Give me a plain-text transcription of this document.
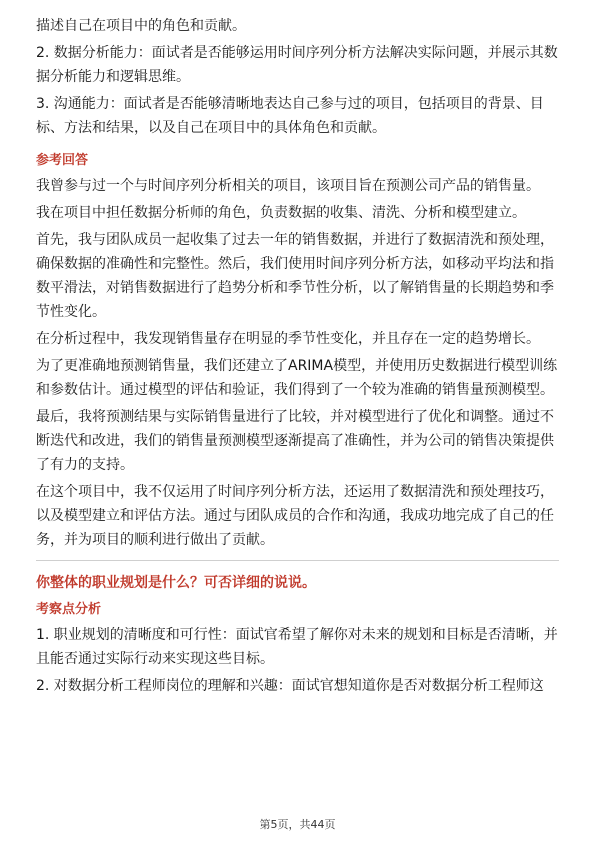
描述自己在项目中的角色和贡献。

2. 数据分析能力：面试者是否能够运用时间序列分析方法解决实际问题，并展示其数据分析能力和逻辑思维。

3. 沟通能力：面试者是否能够清晰地表达自己参与过的项目，包括项目的背景、目标、方法和结果，以及自己在项目中的具体角色和贡献。

参考回答

我曾参与过一个与时间序列分析相关的项目，该项目旨在预测公司产品的销售量。

我在项目中担任数据分析师的角色，负责数据的收集、清洗、分析和模型建立。

首先，我与团队成员一起收集了过去一年的销售数据，并进行了数据清洗和预处理，确保数据的准确性和完整性。然后，我们使用时间序列分析方法，如移动平均法和指数平滑法，对销售数据进行了趋势分析和季节性分析，以了解销售量的长期趋势和季节性变化。

在分析过程中，我发现销售量存在明显的季节性变化，并且存在一定的趋势增长。

为了更准确地预测销售量，我们还建立了ARIMA模型，并使用历史数据进行模型训练和参数估计。通过模型的评估和验证，我们得到了一个较为准确的销售量预测模型。

最后，我将预测结果与实际销售量进行了比较，并对模型进行了优化和调整。通过不断迭代和改进，我们的销售量预测模型逐渐提高了准确性，并为公司的销售决策提供了有力的支持。

在这个项目中，我不仅运用了时间序列分析方法，还运用了数据清洗和预处理技巧，以及模型建立和评估方法。通过与团队成员的合作和沟通，我成功地完成了自己的任务，并为项目的顺利进行做出了贡献。

你整体的职业规划是什么？可否详细的说说。
考察点分析

1. 职业规划的清晰度和可行性：面试官希望了解你对未来的规划和目标是否清晰，并且能否通过实际行动来实现这些目标。

2. 对数据分析工程师岗位的理解和兴趣：面试官想知道你是否对数据分析工程师这

第5页，共44页
